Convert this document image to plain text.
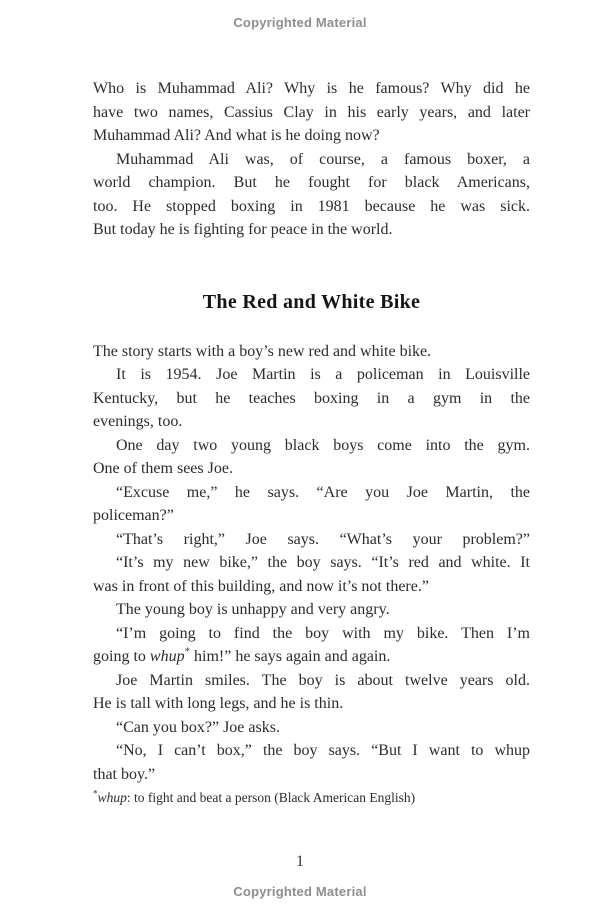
Copyrighted Material
Who is Muhammad Ali? Why is he famous? Why did he
have two names, Cassius Clay in his early years, and later
Muhammad Ali? And what is he doing now?
Muhammad Ali was, of course, a famous boxer, a
world champion. But he fought for black Americans,
too. He stopped boxing in 1981 because he was sick.
But today he is fighting for peace in the world.
The Red and White Bike
The story starts with a boy’s new red and white bike.
It is 1954. Joe Martin is a policeman in Louisville
Kentucky, but he teaches boxing in a gym in the
evenings, too.
One day two young black boys come into the gym.
One of them sees Joe.
“Excuse me,” he says. “Are you Joe Martin, the
policeman?”
“That’s right,” Joe says. “What’s your problem?”
“It’s my new bike,” the boy says. “It’s red and white. It
was in front of this building, and now it’s not there.”
The young boy is unhappy and very angry.
“I’m going to find the boy with my bike. Then I’m
going to whup* him!” he says again and again.
Joe Martin smiles. The boy is about twelve years old.
He is tall with long legs, and he is thin.
“Can you box?” Joe asks.
“No, I can’t box,” the boy says. “But I want to whup
that boy.”
*whup: to fight and beat a person (Black American English)
1
Copyrighted Material
